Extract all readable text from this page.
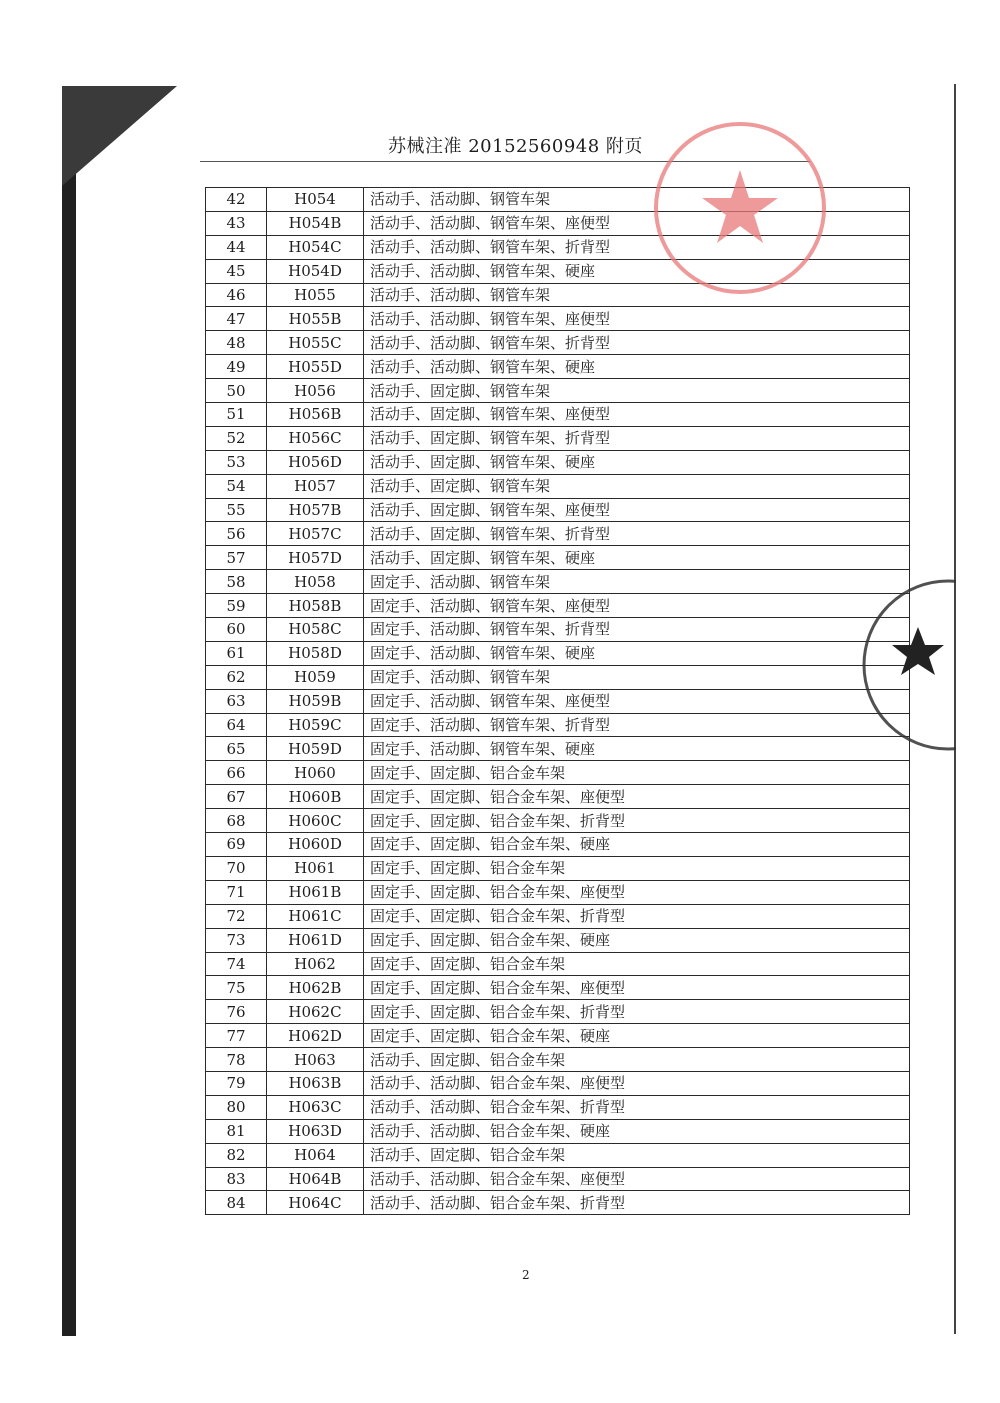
苏械注准 20152560948 附页
42	H054	活动手、活动脚、钢管车架
43	H054B	活动手、活动脚、钢管车架、座便型
44	H054C	活动手、活动脚、钢管车架、折背型
45	H054D	活动手、活动脚、钢管车架、硬座
46	H055	活动手、活动脚、钢管车架
47	H055B	活动手、活动脚、钢管车架、座便型
48	H055C	活动手、活动脚、钢管车架、折背型
49	H055D	活动手、活动脚、钢管车架、硬座
50	H056	活动手、固定脚、钢管车架
51	H056B	活动手、固定脚、钢管车架、座便型
52	H056C	活动手、固定脚、钢管车架、折背型
53	H056D	活动手、固定脚、钢管车架、硬座
54	H057	活动手、固定脚、钢管车架
55	H057B	活动手、固定脚、钢管车架、座便型
56	H057C	活动手、固定脚、钢管车架、折背型
57	H057D	活动手、固定脚、钢管车架、硬座
58	H058	固定手、活动脚、钢管车架
59	H058B	固定手、活动脚、钢管车架、座便型
60	H058C	固定手、活动脚、钢管车架、折背型
61	H058D	固定手、活动脚、钢管车架、硬座
62	H059	固定手、活动脚、钢管车架
63	H059B	固定手、活动脚、钢管车架、座便型
64	H059C	固定手、活动脚、钢管车架、折背型
65	H059D	固定手、活动脚、钢管车架、硬座
66	H060	固定手、固定脚、铝合金车架
67	H060B	固定手、固定脚、铝合金车架、座便型
68	H060C	固定手、固定脚、铝合金车架、折背型
69	H060D	固定手、固定脚、铝合金车架、硬座
70	H061	固定手、固定脚、铝合金车架
71	H061B	固定手、固定脚、铝合金车架、座便型
72	H061C	固定手、固定脚、铝合金车架、折背型
73	H061D	固定手、固定脚、铝合金车架、硬座
74	H062	固定手、固定脚、铝合金车架
75	H062B	固定手、固定脚、铝合金车架、座便型
76	H062C	固定手、固定脚、铝合金车架、折背型
77	H062D	固定手、固定脚、铝合金车架、硬座
78	H063	活动手、固定脚、铝合金车架
79	H063B	活动手、活动脚、铝合金车架、座便型
80	H063C	活动手、活动脚、铝合金车架、折背型
81	H063D	活动手、活动脚、铝合金车架、硬座
82	H064	活动手、固定脚、铝合金车架
83	H064B	活动手、活动脚、铝合金车架、座便型
84	H064C	活动手、活动脚、铝合金车架、折背型
2
